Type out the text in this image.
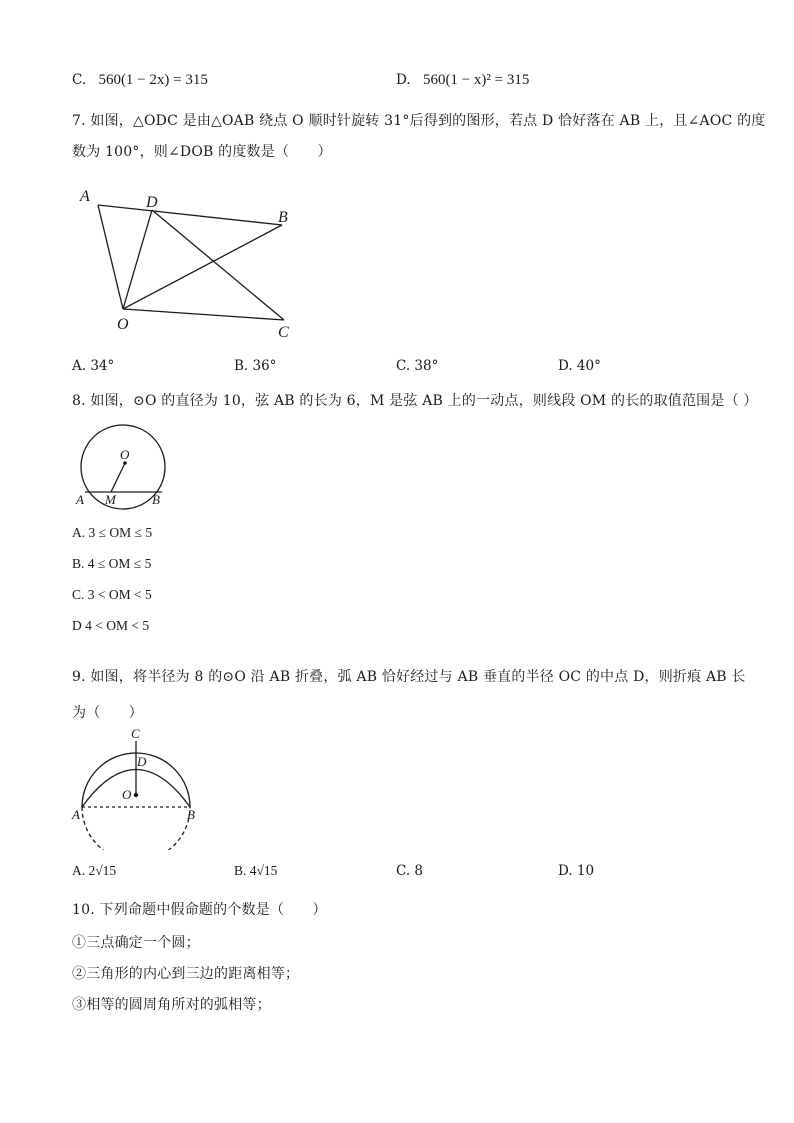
C. 560(1 − 2x) = 315	D. 560(1 − x)² = 315
7. 如图，△ODC 是由△OAB 绕点 O 顺时针旋转 31°后得到的图形，若点 D 恰好落在 AB 上，且∠AOC 的度
数为 100°，则∠DOB 的度数是（　　）
A	D
B
O	C
A. 34°	B. 36°	C. 38°	D. 40°
8. 如图，⊙O 的直径为 10，弦 AB 的长为 6，M 是弦 AB 上的一动点，则线段 OM 的长的取值范围是（ ）
O
A M	B
A. 3 ≤ OM ≤ 5
B. 4 ≤ OM ≤ 5
C. 3 < OM < 5
D 4 < OM < 5
9. 如图，将半径为 8 的⊙O 沿 AB 折叠，弧 AB 恰好经过与 AB 垂直的半径 OC 的中点 D，则折痕 AB 长
为（　　）
C
D
O
A	B
A. 2√15	B. 4√15	C. 8	D. 10
10. 下列命题中假命题的个数是（　　）
①三点确定一个圆；
②三角形的内心到三边的距离相等；
③相等的圆周角所对的弧相等；
